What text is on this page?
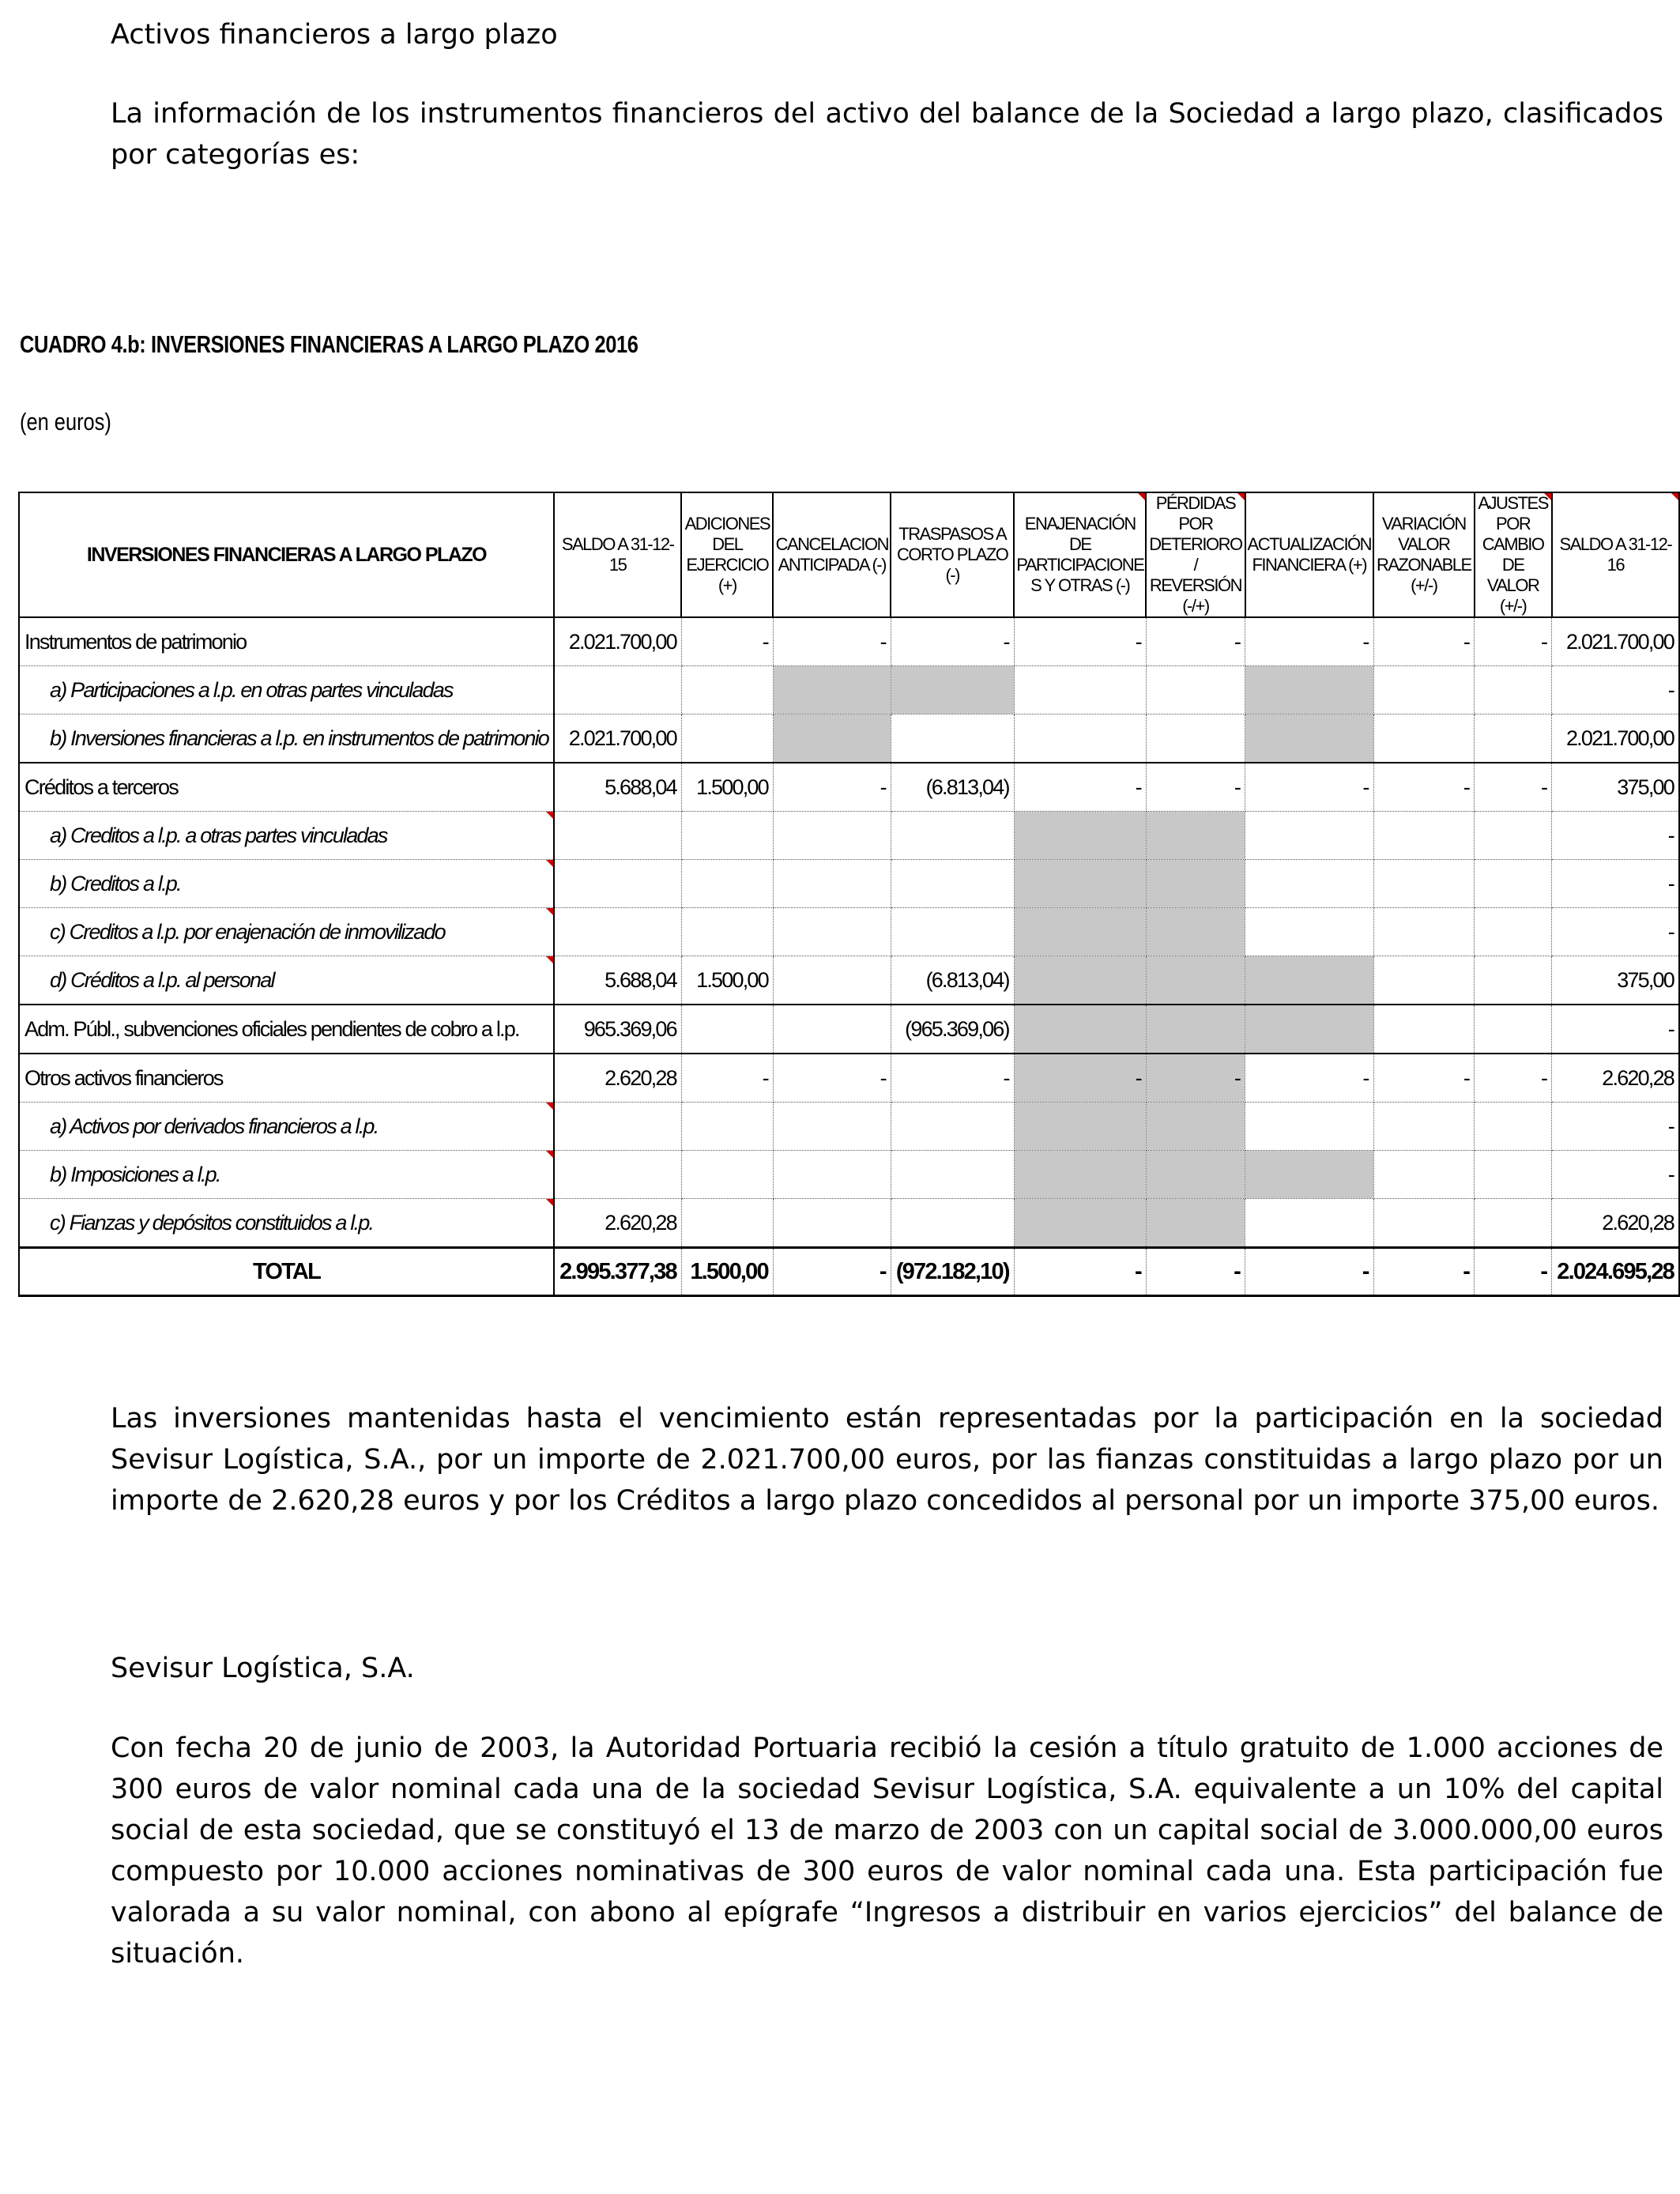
Activos financieros a largo plazo
La información de los instrumentos financieros del activo del balance de la Sociedad a largo plazo, clasificados por categorías es:
CUADRO 4.b: INVERSIONES FINANCIERAS A LARGO PLAZO 2016
(en euros)
INVERSIONES FINANCIERAS A LARGO PLAZO	SALDO A 31-12-15	ADICIONES DEL EJERCICIO (+)	CANCELACION ANTICIPADA (-)	TRASPASOS A CORTO PLAZO (-)	ENAJENACIÓN DE PARTICIPACIONE S Y OTRAS (-)	PÉRDIDAS POR DETERIORO / REVERSIÓN (-/+)	ACTUALIZACIÓN FINANCIERA (+)	VARIACIÓN VALOR RAZONABLE (+/-)	AJUSTES POR CAMBIO DE VALOR (+/-)	SALDO A 31-12-16

Instrumentos de patrimonio	2.021.700,00	-	-	-	-	-	-	-	-	2.021.700,00
a) Participaciones a l.p. en otras partes vinculadas										-
b) Inversiones financieras a l.p. en instrumentos de patrimonio	2.021.700,00									2.021.700,00
Créditos a terceros	5.688,04	1.500,00	-	(6.813,04)	-	-	-	-	-	375,00
a) Creditos a l.p. a otras partes vinculadas										-
b) Creditos a l.p.										-
c) Creditos a l.p. por enajenación de inmovilizado										-
d) Créditos a l.p. al personal	5.688,04	1.500,00		(6.813,04)						375,00
Adm. Públ., subvenciones oficiales pendientes de cobro a l.p.	965.369,06			(965.369,06)						-
Otros activos financieros	2.620,28	-	-	-	-	-	-	-	-	2.620,28
a) Activos por derivados financieros a l.p.										-
b) Imposiciones a l.p.										-
c) Fianzas y depósitos constituidos a l.p.	2.620,28									2.620,28
TOTAL	2.995.377,38	1.500,00	-	(972.182,10)	-	-	-	-	-	2.024.695,28
Las inversiones mantenidas hasta el vencimiento están representadas por la participación en la sociedad Sevisur Logística, S.A., por un importe de 2.021.700,00 euros, por las fianzas constituidas a largo plazo por un importe de 2.620,28 euros y por los Créditos a largo plazo concedidos al personal por un importe 375,00 euros.
Sevisur Logística, S.A.
Con fecha 20 de junio de 2003, la Autoridad Portuaria recibió la cesión a título gratuito de 1.000 acciones de 300 euros de valor nominal cada una de la sociedad Sevisur Logística, S.A. equivalente a un 10% del capital social de esta sociedad, que se constituyó el 13 de marzo de 2003 con un capital social de 3.000.000,00 euros compuesto por 10.000 acciones nominativas de 300 euros de valor nominal cada una. Esta participación fue valorada a su valor nominal, con abono al epígrafe “Ingresos a distribuir en varios ejercicios” del balance de situación.
